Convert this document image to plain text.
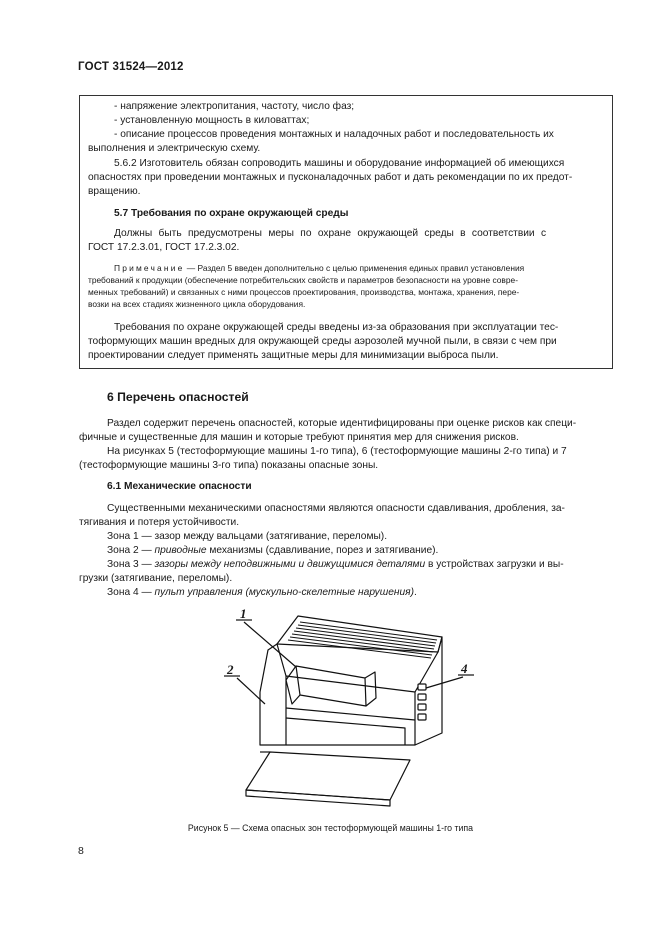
ГОСТ 31524—2012
- напряжение электропитания, частоту, число фаз;
- установленную мощность в киловаттах;
- описание процессов проведения монтажных и наладочных работ и последовательность их
выполнения и электрическую схему.
5.6.2 Изготовитель обязан сопроводить машины и оборудование информацией об имеющихся
опасностях при проведении монтажных и пусконаладочных работ и дать рекомендации по их предот-
вращению.
5.7 Требования по охране окружающей среды
Должны быть предусмотрены меры по охране окружающей среды в соответствии с
ГОСТ 17.2.3.01, ГОСТ 17.2.3.02.
Примечание — Раздел 5 введен дополнительно с целью применения единых правил установления
требований к продукции (обеспечение потребительских свойств и параметров безопасности на уровне совре-
менных требований) и связанных с ними процессов проектирования, производства, монтажа, хранения, пере-
возки на всех стадиях жизненного цикла оборудования.
Требования по охране окружающей среды введены из-за образования при эксплуатации тес-
тоформующих машин вредных для окружающей среды аэрозолей мучной пыли, в связи с чем при
проектировании следует применять защитные меры для минимизации выброса пыли.
6 Перечень опасностей
Раздел содержит перечень опасностей, которые идентифицированы при оценке рисков как специ-
фичные и существенные для машин и которые требуют принятия мер для снижения рисков.
На рисунках 5 (тестоформующие машины 1-го типа), 6 (тестоформующие машины 2-го типа) и 7
(тестоформующие машины 3-го типа) показаны опасные зоны.
6.1 Механические опасности
Существенными механическими опасностями являются опасности сдавливания, дробления, за-
тягивания и потеря устойчивости.
Зона 1 — зазор между вальцами (затягивание, переломы).
Зона 2 — приводные механизмы (сдавливание, порез и затягивание).
Зона 3 — зазоры между неподвижными и движущимися деталями в устройствах загрузки и вы-
грузки (затягивание, переломы).
Зона 4 — пульт управления (мускульно-скелетные нарушения).
1
2	4
Рисунок 5 — Схема опасных зон тестоформующей машины 1-го типа
8
